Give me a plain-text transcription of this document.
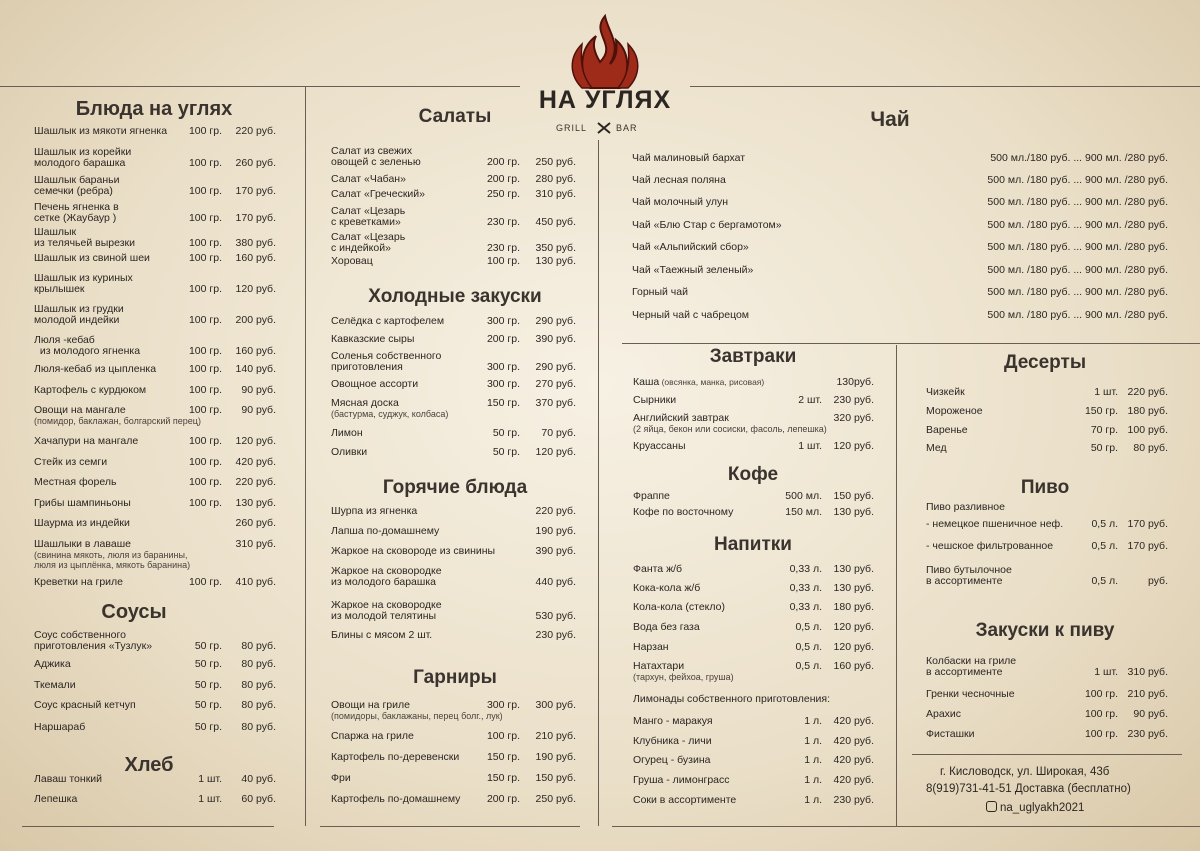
НА УГЛЯХ
GRILL	BAR	Чай
Блюда на углях
Шашлык из мякоти ягненка	100 гр.	220 руб.
Шашлык из корейки
молодого барашка	100 гр.	260 руб.
Шашлык бараньи
семечки (ребра)	100 гр.	170 руб.
Печень ягненка в
сетке (Жаубаур )	100 гр.	170 руб.
Шашлык
из телячьей вырезки	100 гр.	380 руб.
Шашлык из свиной шеи	100 гр.	160 руб.
Шашлык из куриных
крылышек	100 гр.	120 руб.
Шашлык из грудки
молодой индейки	100 гр.	200 руб.
Люля -кебаб
из молодого ягненка	100 гр.	160 руб.
Люля-кебаб из цыпленка	100 гр.	140 руб.
Картофель с курдюком	100 гр.	90 руб.
Овощи на мангале
(помидор, баклажан, болгарский перец)
100 гр.	90 руб.
Хачапури на мангале	100 гр.	120 руб.
Стейк из семги	100 гр.	420 руб.
Местная форель	100 гр.	220 руб.
Грибы шампиньоны	100 гр.	130 руб.
Шаурма из индейки	260 руб.
Шашлыки в лаваше
(свинина мякоть, люля из баранины,
люля из цыплёнка, мякоть баранина)
310 руб.
Креветки на гриле	100 гр.	410 руб.
Соусы
Соус собственного
приготовления «Тузлук»	50 гр.	80 руб.
Аджика	50 гр.	80 руб.
Ткемали	50 гр.	80 руб.
Соус красный кетчуп	50 гр.	80 руб.
Наршараб	50 гр.	80 руб.
Хлеб
Лаваш тонкий	1 шт.	40 руб.
Лепешка	1 шт.	60 руб.
Салаты
Салат из свежих
овощей с зеленью	200 гр.	250 руб.
Салат «Чабан»	200 гр.	280 руб.
Салат «Греческий»	250 гр.	310 руб.
Салат «Цезарь
с креветками»	230 гр.	450 руб.
Салат «Цезарь
с индейкой»	230 гр.	350 руб.
Хоровац	100 гр.	130 руб.
Холодные закуски
Селёдка с картофелем	300 гр.	290 руб.
Кавказские сыры	200 гр.	390 руб.
Соленья собственного
приготовления	300 гр.	290 руб.
Овощное ассорти	300 гр.	270 руб.
Мясная доска
(бастурма, суджук, колбаса)
150 гр.	370 руб.
Лимон	50 гр.	70 руб.
Оливки	50 гр.	120 руб.
Горячие блюда
Шурпа из ягненка	220 руб.
Лапша по-домашнему	190 руб.
Жаркое на сковороде из свинины	390 руб.
Жаркое на сковородке
из молодого барашка	440 руб.
Жаркое на сковородке
из молодой телятины	530 руб.
Блины с мясом 2 шт.	230 руб.
Гарниры
Овощи на гриле
(помидоры, баклажаны, перец болг., лук)
300 гр.	300 руб.
Спаржа на гриле	100 гр.	210 руб.
Картофель по-деревенски	150 гр.	190 руб.
Фри	150 гр.	150 руб.
Картофель по-домашнему	200 гр.	250 руб.
Завтраки
Каша (овсянка, манка, рисовая)	130руб.
Сырники	2 шт.	230 руб.
Английский завтрак
(2 яйца, бекон или сосиски, фасоль, лепешка)
320 руб.
Круассаны	1 шт.	120 руб.
Кофе
Фраппе	500 мл.	150 руб.
Кофе по восточному	150 мл.	130 руб.
Напитки
Фанта ж/б	0,33 л.	130 руб.
Кока-кола ж/б	0,33 л.	130 руб.
Кола-кола (стекло)	0,33 л.	180 руб.
Вода без газа	0,5 л.	120 руб.
Нарзан	0,5 л.	120 руб.
Натахтари
(тархун, фейхоа, груша)
0,5 л.	160 руб.
Лимонады собственного приготовления:
Манго - маракуя	1 л.	420 руб.
Клубника - личи	1 л.	420 руб.
Огурец - бузина	1 л.	420 руб.
Груша - лимонграсс	1 л.	420 руб.
Соки в ассортименте	1 л.	230 руб.
Десерты
Чизкейк	1 шт. 220 руб.
Мороженое	150 гр. 180 руб.
Варенье	70 гр. 100 руб.
Мед	50 гр.	80 руб.
Пиво
Пиво разливное
- немецкое пшеничное неф.	0,5 л. 170 руб.
- чешское фильтрованное	0,5 л. 170 руб.
Пиво бутылочное
в ассортименте	0,5 л.	руб.
Закуски к пиву
Колбаски на гриле
в ассортименте	1 шт. 310 руб.
Гренки чесночные	100 гр. 210 руб.
Арахис	100 гр.	90 руб.
Фисташки	100 гр. 230 руб.
Чай малиновый бархат	500 мл./180 руб. ... 900 мл. /280 руб.
Чай лесная поляна	500 мл. /180 руб. ... 900 мл. /280 руб.
Чай молочный улун	500 мл. /180 руб. ... 900 мл. /280 руб.
Чай «Блю Стар с бергамотом»	500 мл. /180 руб. ... 900 мл. /280 руб.
Чай «Альпийский сбор»	500 мл. /180 руб. ... 900 мл. /280 руб.
Чай «Таежный зеленый»	500 мл. /180 руб. ... 900 мл. /280 руб.
Горный чай	500 мл. /180 руб. ... 900 мл. /280 руб.
Черный чай с чабрецом	500 мл. /180 руб. ... 900 мл. /280 руб.
г. Кисловодск, ул. Широкая, 43б
8(919)731-41-51 Доставка (бесплатно)
na_uglyakh2021
